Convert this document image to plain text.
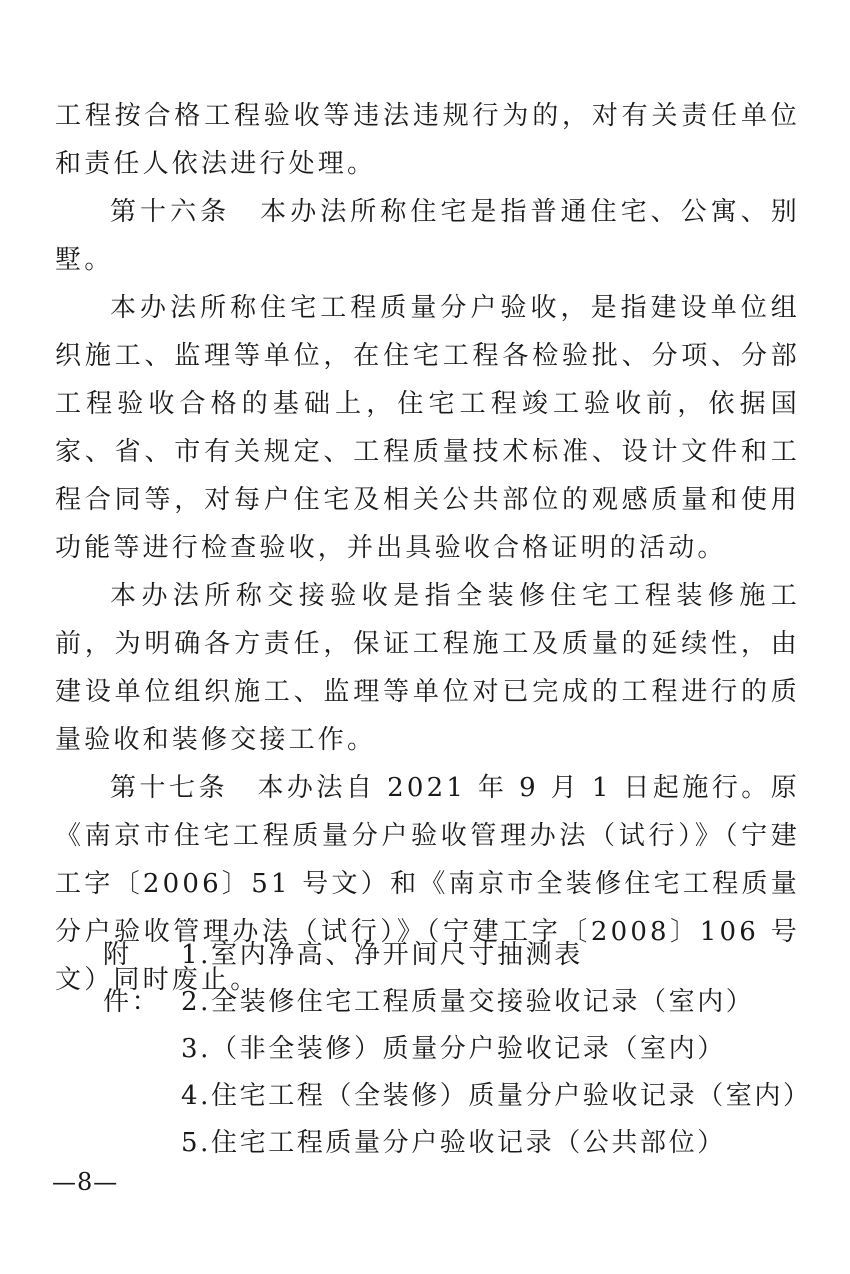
工程按合格工程验收等违法违规行为的，对有关责任单位和责任人依法进行处理。

第十六条　本办法所称住宅是指普通住宅、公寓、别墅。

本办法所称住宅工程质量分户验收，是指建设单位组织施工、监理等单位，在住宅工程各检验批、分项、分部工程验收合格的基础上，住宅工程竣工验收前，依据国家、省、市有关规定、工程质量技术标准、设计文件和工程合同等，对每户住宅及相关公共部位的观感质量和使用功能等进行检查验收，并出具验收合格证明的活动。

本办法所称交接验收是指全装修住宅工程装修施工前，为明确各方责任，保证工程施工及质量的延续性，由建设单位组织施工、监理等单位对已完成的工程进行的质量验收和装修交接工作。

第十七条　本办法自 2021 年 9 月 1 日起施行。原《南京市住宅工程质量分户验收管理办法（试行）》（宁建工字〔2006〕51 号文）和《南京市全装修住宅工程质量分户验收管理办法（试行）》（宁建工字〔2008〕106 号文）同时废止。

附件：
1.室内净高、净开间尺寸抽测表
2.全装修住宅工程质量交接验收记录（室内）
3.（非全装修）质量分户验收记录（室内）
4.住宅工程（全装修）质量分户验收记录（室内）
5.住宅工程质量分户验收记录（公共部位）
—8—
